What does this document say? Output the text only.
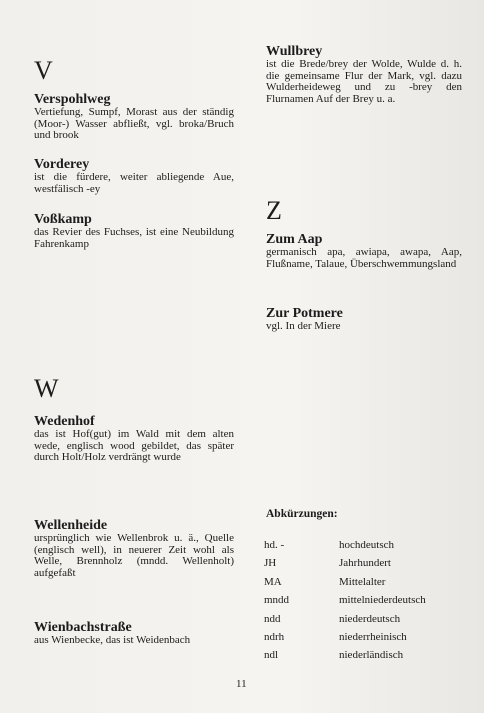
V

Verspohlweg

Vertiefung, Sumpf, Morast aus der ständig (Moor-) Wasser abfließt, vgl. broka/Bruch und brook

Vorderey

ist die fürdere, weiter abliegende Aue, westfälisch -ey

Voßkamp

das Revier des Fuchses, ist eine Neubildung Fahrenkamp

W

Wedenhof

das ist Hof(gut) im Wald mit dem alten wede, englisch wood gebildet, das später durch Holt/Holz verdrängt wurde

Wellenheide

ursprünglich wie Wellenbrok u. ä., Quelle (englisch well), in neuerer Zeit wohl als Welle, Brennholz (mndd. Wellenholt) aufgefaßt

Wienbachstraße

aus Wienbecke, das ist Weidenbach

Wullbrey

ist die Brede/brey der Wolde, Wulde d. h. die gemeinsame Flur der Mark, vgl. dazu Wulderheideweg und zu -brey den Flurnamen Auf der Brey u. a.

Z

Zum Aap

germanisch apa, awiapa, awapa, Aap, Flußname, Talaue, Überschwemmungsland

Zur Potmere

vgl. In der Miere

Abkürzungen:
hd. -	hochdeutsch
JH	Jahrhundert
MA	Mittelalter
mndd	mittelniederdeutsch
ndd	niederdeutsch
ndrh	niederrheinisch
ndl	niederländisch
11
